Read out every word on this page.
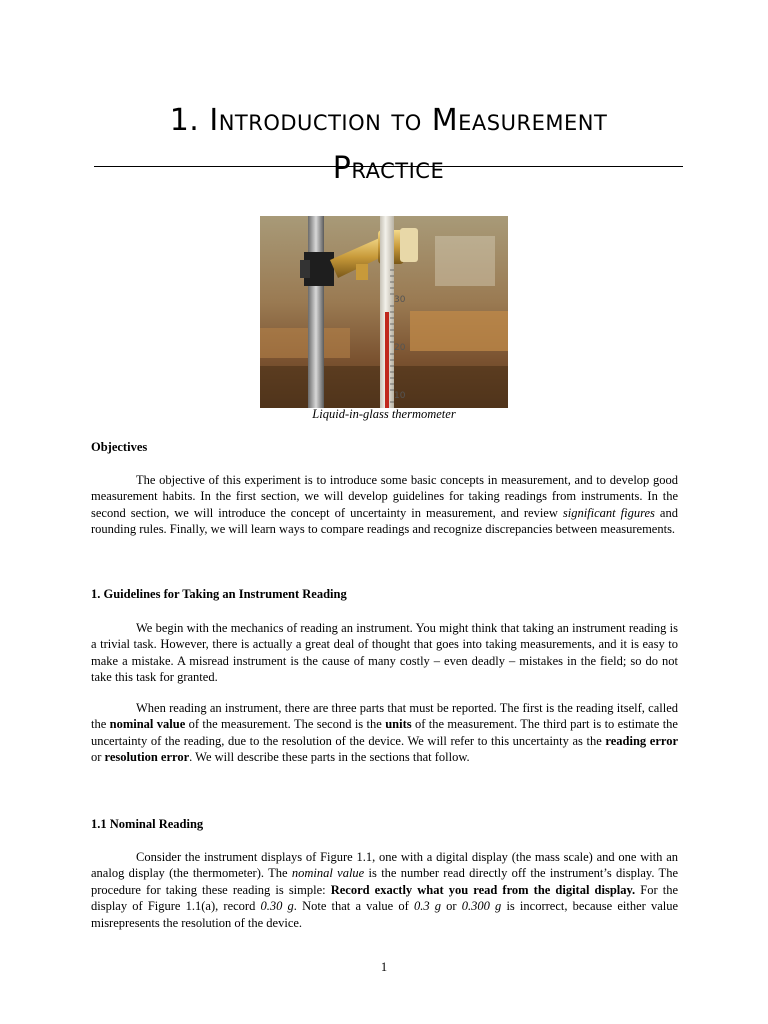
1. Introduction to Measurement
Practice
30
20
10
Liquid-in-glass thermometer
Objectives

The objective of this experiment is to introduce some basic concepts in measurement, and to develop good measurement habits. In the first section, we will develop guidelines for taking readings from instruments. In the second section, we will introduce the concept of uncertainty in measurement, and review significant figures and rounding rules. Finally, we will learn ways to compare readings and recognize discrepancies between measurements.

1. Guidelines for Taking an Instrument Reading

We begin with the mechanics of reading an instrument. You might think that taking an instrument reading is a trivial task. However, there is actually a great deal of thought that goes into taking measurements, and it is easy to make a mistake. A misread instrument is the cause of many costly – even deadly – mistakes in the field; so do not take this task for granted.

When reading an instrument, there are three parts that must be reported. The first is the reading itself, called the nominal value of the measurement. The second is the units of the measurement. The third part is to estimate the uncertainty of the reading, due to the resolution of the device. We will refer to this uncertainty as the reading error or resolution error. We will describe these parts in the sections that follow.

1.1 Nominal Reading

Consider the instrument displays of Figure 1.1, one with a digital display (the mass scale) and one with an analog display (the thermometer). The nominal value is the number read directly off the instrument’s display. The procedure for taking these reading is simple: Record exactly what you read from the digital display. For the display of Figure 1.1(a), record 0.30 g. Note that a value of 0.3 g or 0.300 g is incorrect, because either value misrepresents the resolution of the device.

1
